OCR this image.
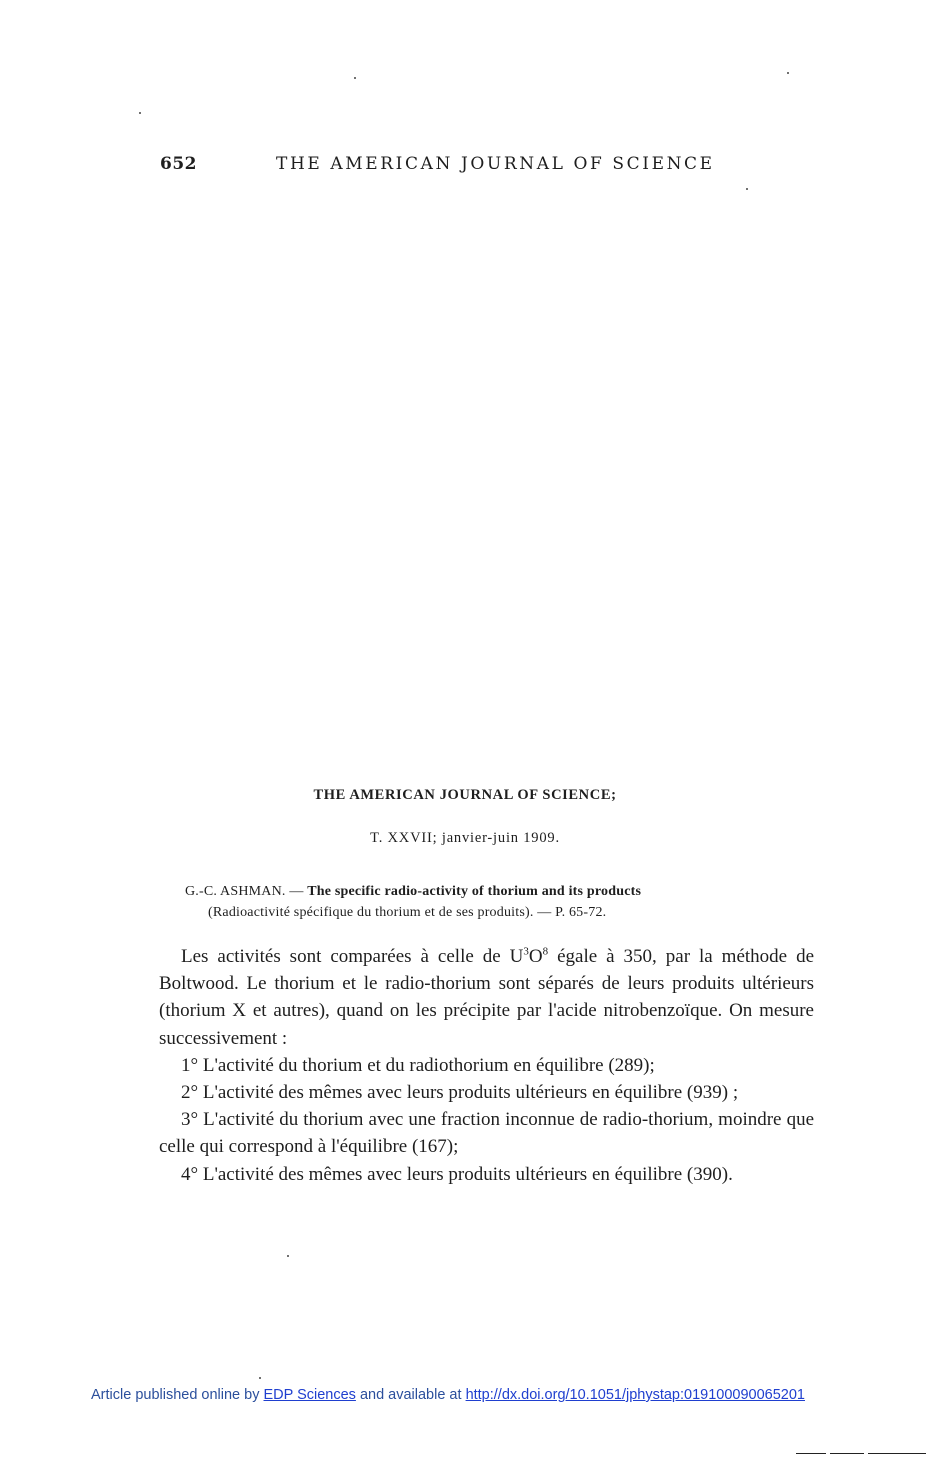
652	THE AMERICAN JOURNAL OF SCIENCE
THE AMERICAN JOURNAL OF SCIENCE;
T. XXVII; janvier-juin 1909.
G.-C. ASHMAN. — The specific radio-activity of thorium and its products
(Radioactivité spécifique du thorium et de ses produits). — P. 65-72.

Les activités sont comparées à celle de $U^3O^8$ égale à 350, par la méthode de Boltwood. Le thorium et le radio-thorium sont séparés de leurs produits ultérieurs (thorium X et autres), quand on les précipite par l'acide nitrobenzoïque. On mesure successivement :

1° L'activité du thorium et du radiothorium en équilibre (289);

2° L'activité des mêmes avec leurs produits ultérieurs en équilibre (939) ;

3° L'activité du thorium avec une fraction inconnue de radio-thorium, moindre que celle qui correspond à l'équilibre (167);

4° L'activité des mêmes avec leurs produits ultérieurs en équilibre (390).

Article published online by EDP Sciences and available at http://dx.doi.org/10.1051/jphystap:019100090065201
